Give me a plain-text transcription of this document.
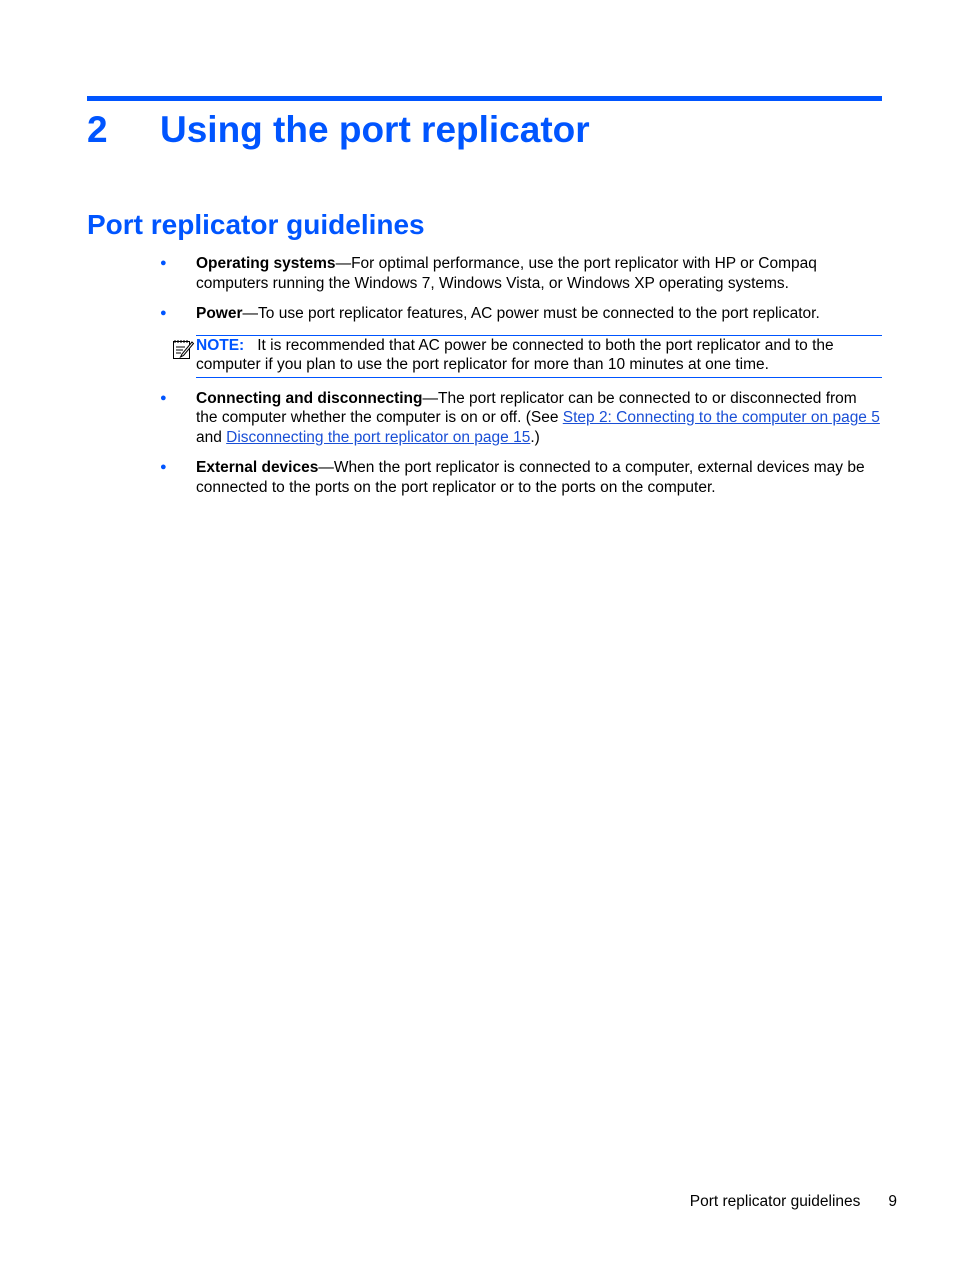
2 Using the port replicator
Port replicator guidelines
● Operating systems—For optimal performance, use the port replicator with HP or Compaq computers running the Windows 7, Windows Vista, or Windows XP operating systems.
● Power—To use port replicator features, AC power must be connected to the port replicator.
NOTE: It is recommended that AC power be connected to both the port replicator and to the computer if you plan to use the port replicator for more than 10 minutes at one time.
● Connecting and disconnecting—The port replicator can be connected to or disconnected from the computer whether the computer is on or off. (See Step 2: Connecting to the computer on page 5 and Disconnecting the port replicator on page 15.)
● External devices—When the port replicator is connected to a computer, external devices may be connected to the ports on the port replicator or to the ports on the computer.
Port replicator guidelines 9
